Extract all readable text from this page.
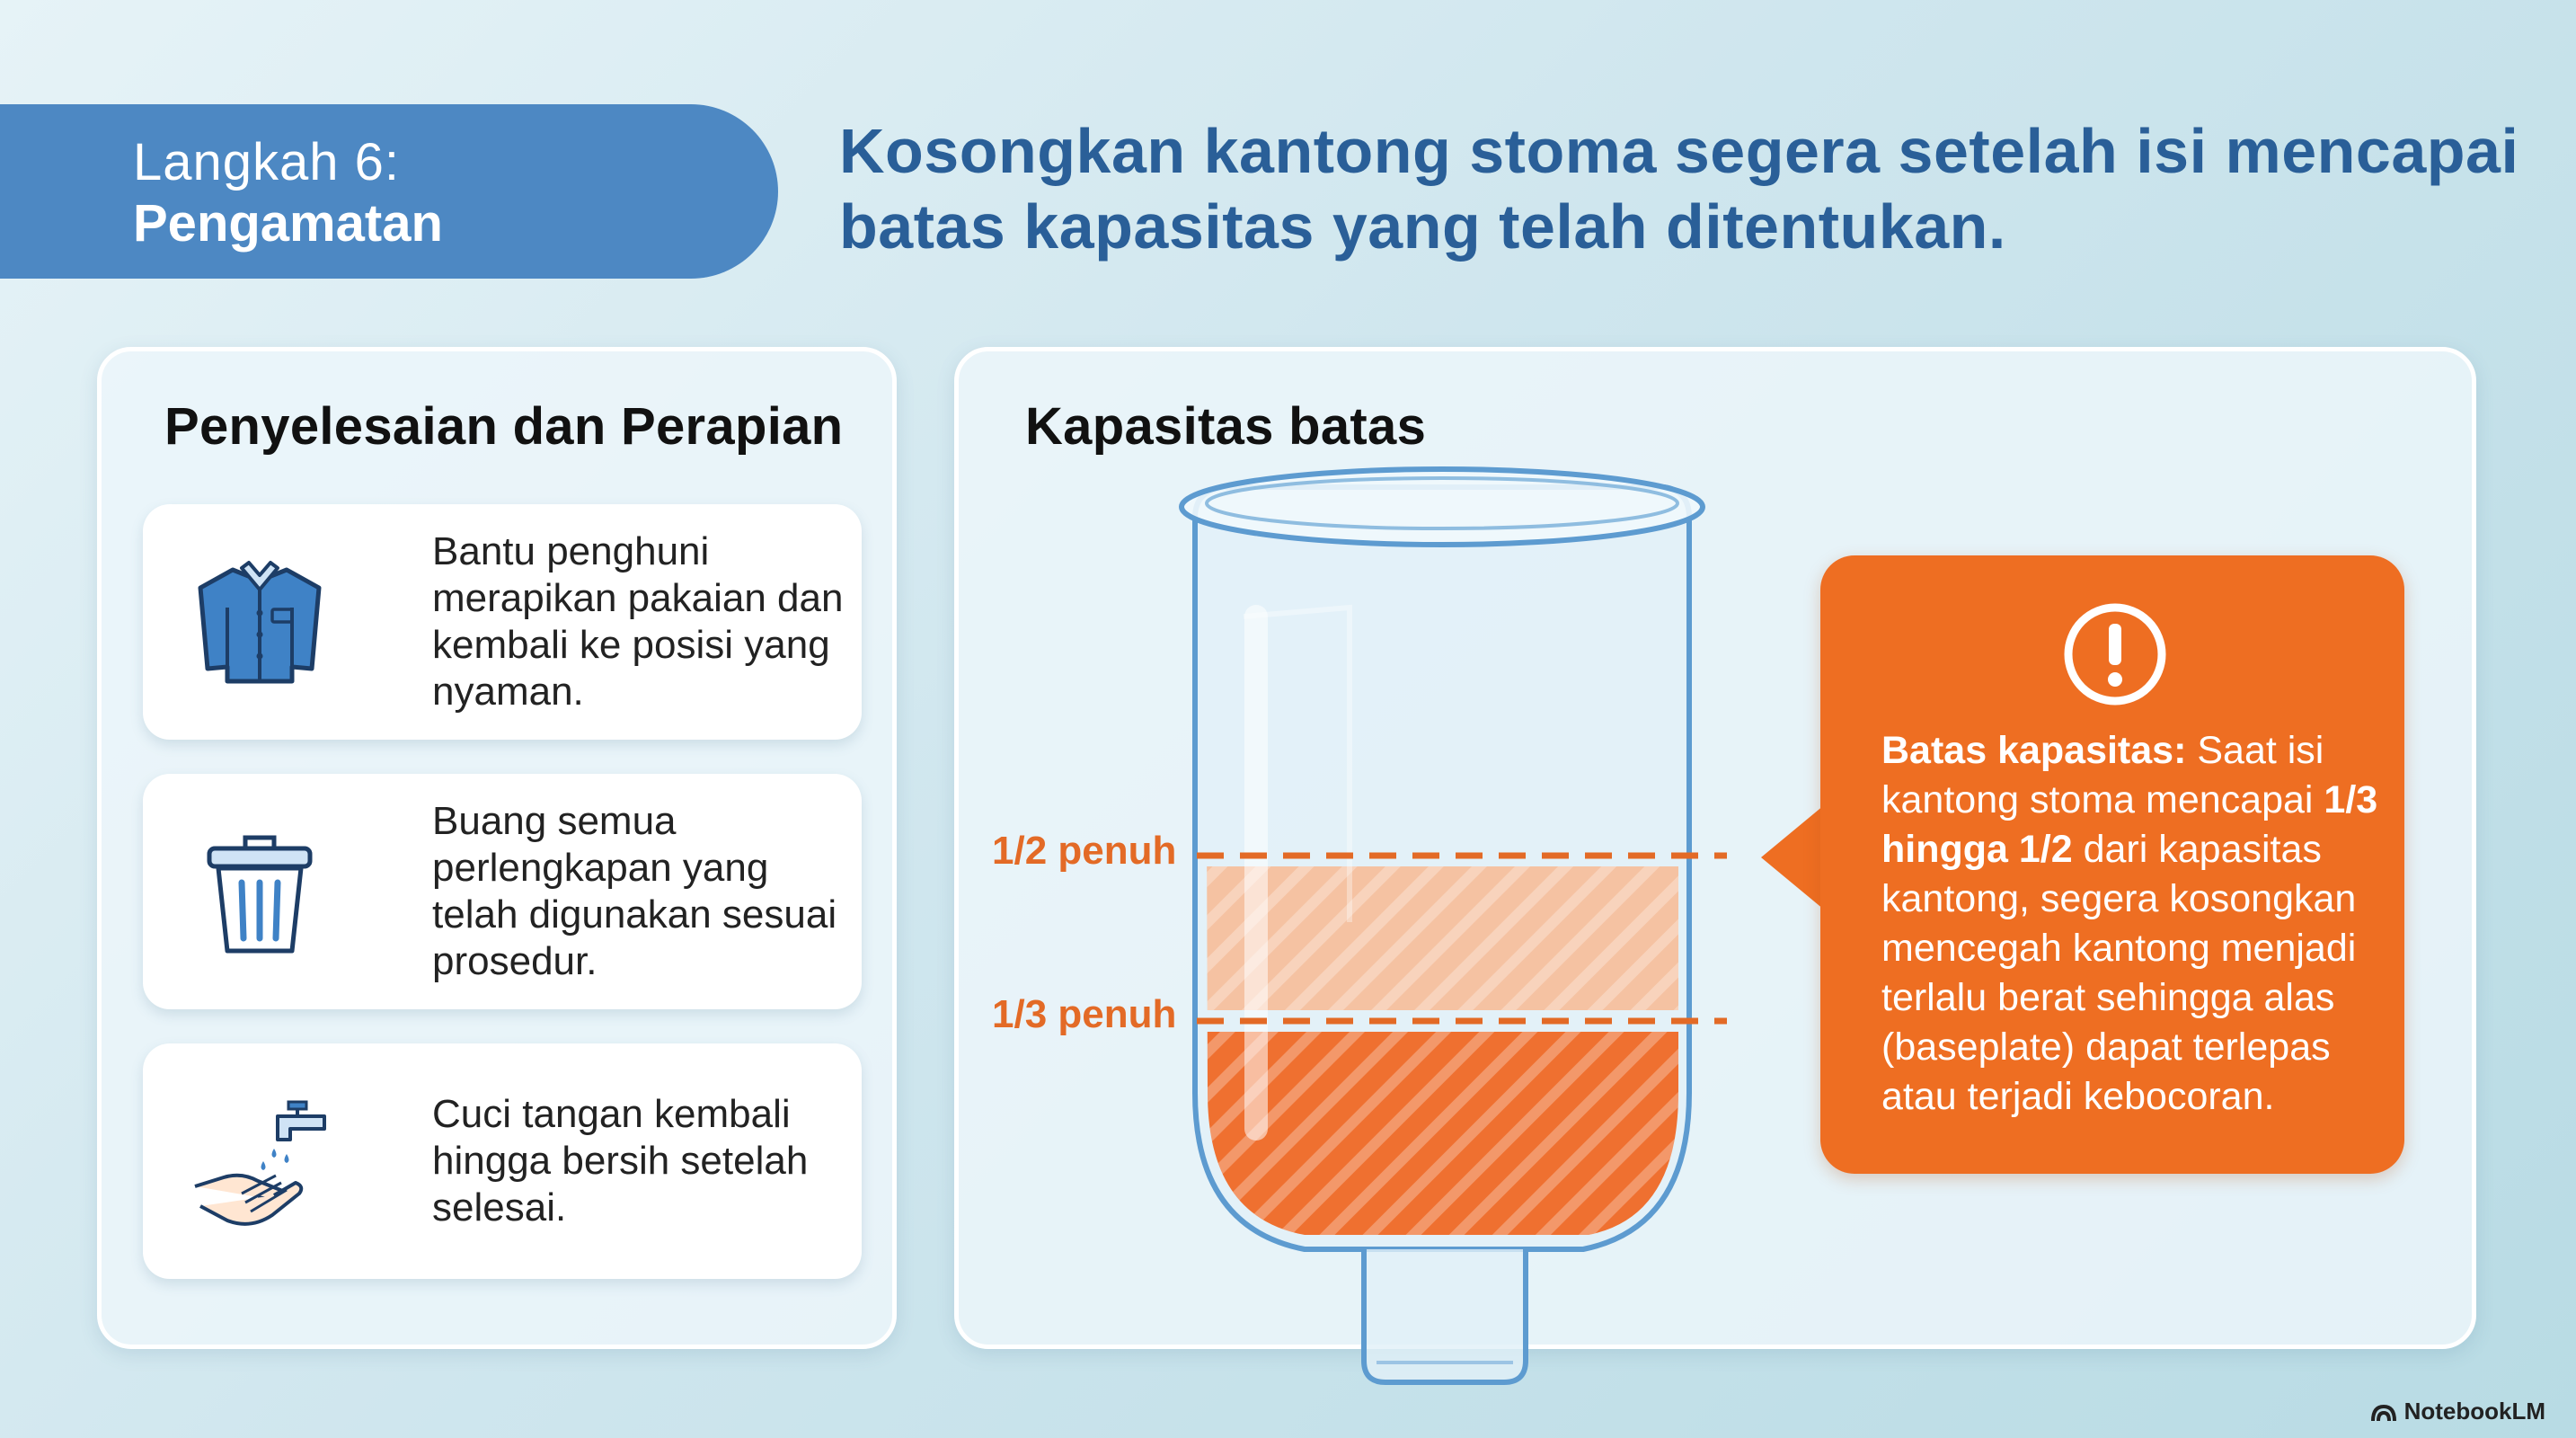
Langkah 6:
Pengamatan
Kosongkan kantong stoma segera setelah isi mencapai batas kapasitas yang telah ditentukan.
Penyelesaian dan Perapian
Bantu penghuni merapikan pakaian dan kembali ke posisi yang nyaman.
Buang semua perlengkapan yang telah digunakan sesuai prosedur.
Cuci tangan kembali hingga bersih setelah selesai.
Kapasitas batas
1/2 penuh
1/3 penuh
Batas kapasitas: Saat isi kantong stoma mencapai 1/3 hingga 1/2 dari kapasitas kantong, segera kosongkan mencegah kantong menjadi terlalu berat sehingga alas (baseplate) dapat terlepas atau terjadi kebocoran.
NotebookLM
